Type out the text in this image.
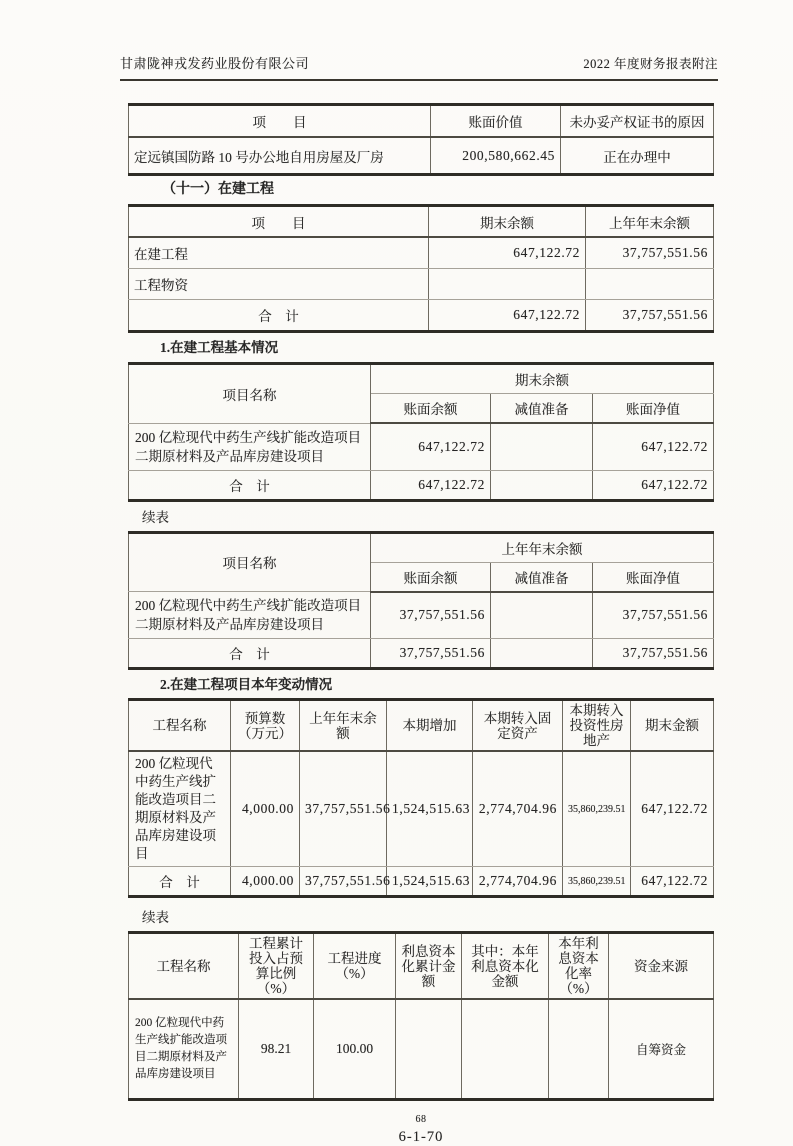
甘肃陇神戎发药业股份有限公司	2022 年度财务报表附注
项　　目	账面价值	未办妥产权证书的原因
定远镇国防路 10 号办公地自用房屋及厂房	200,580,662.45	正在办理中
（十一）在建工程
项　　目	期末余额	上年年末余额
在建工程	647,122.72	37,757,551.56
工程物资		
合　计	647,122.72	37,757,551.56
1.在建工程基本情况
项目名称	期末余额		
	账面余额	减值准备	账面净值
200 亿粒现代中药生产线扩能改造项目二期原材料及产品库房建设项目	647,122.72		647,122.72
合　计	647,122.72		647,122.72
续表
项目名称	上年年末余额		
	账面余额	减值准备	账面净值
200 亿粒现代中药生产线扩能改造项目二期原材料及产品库房建设项目	37,757,551.56		37,757,551.56
合　计	37,757,551.56		37,757,551.56
2.在建工程项目本年变动情况
工程名称	预算数（万元）	上年年末余额	本期增加	本期转入固定资产	本期转入投资性房地产	期末金额
200 亿粒现代中药生产线扩能改造项目二期原材料及产品库房建设项目	4,000.00	37,757,551.56	1,524,515.63	2,774,704.96	35,860,239.51	647,122.72
合　计	4,000.00	37,757,551.56	1,524,515.63	2,774,704.96	35,860,239.51	647,122.72
续表
工程名称	工程累计投入占预算比例（%）	工程进度（%）	利息资本化累计金额	其中：本年利息资本化金额	本年利息资本化率（%）	资金来源
200 亿粒现代中药生产线扩能改造项目二期原材料及产品库房建设项目	98.21	100.00				自筹资金
68
6-1-70
